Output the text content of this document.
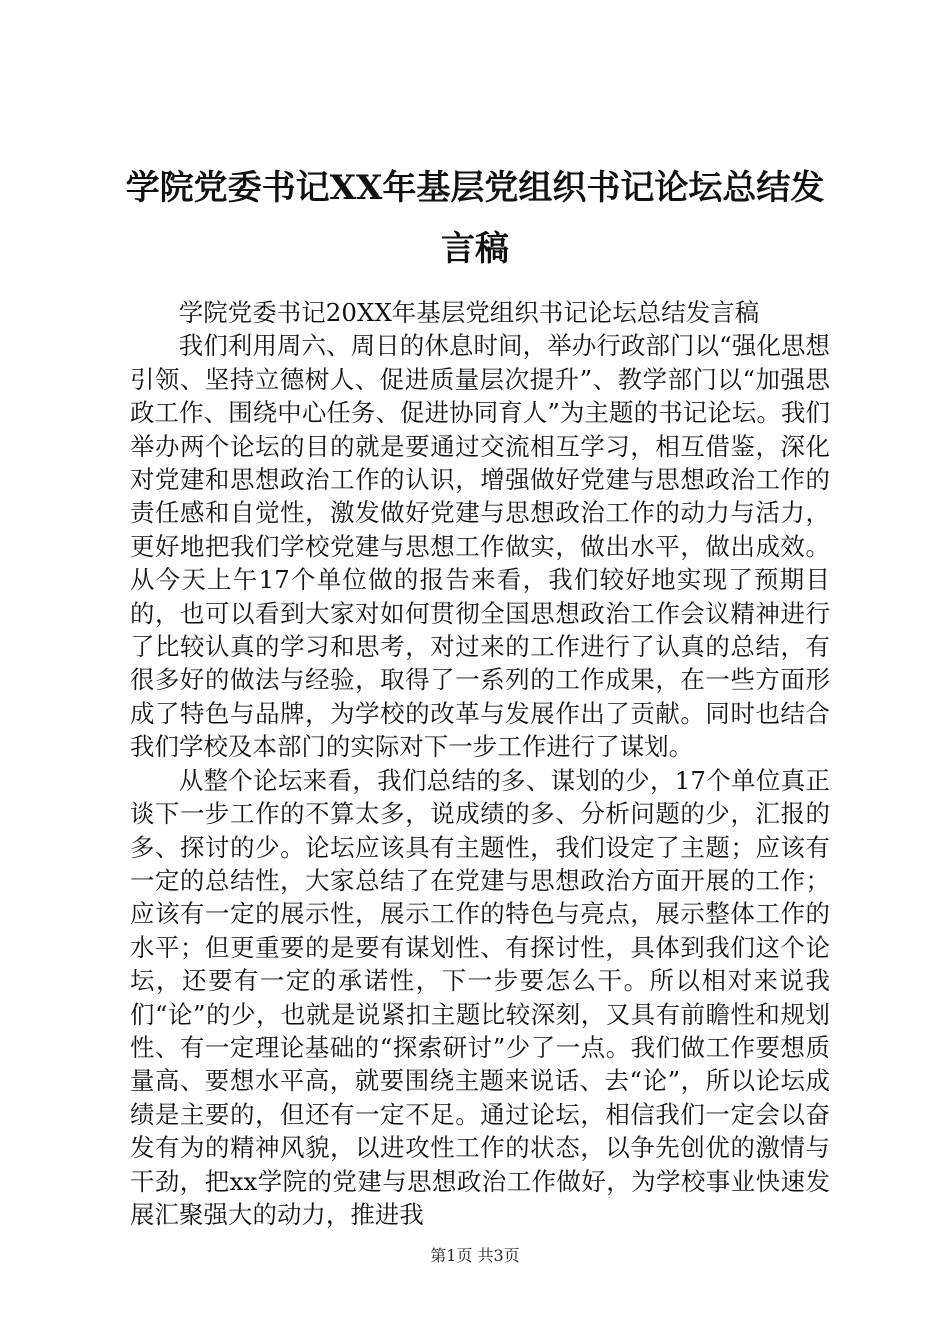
学院党委书记XX年基层党组织书记论坛总结发言稿

学院党委书记20XX年基层党组织书记论坛总结发言稿

我们利用周六、周日的休息时间，举办行政部门以“强化思想引领、坚持立德树人、促进质量层次提升”、教学部门以“加强思政工作、围绕中心任务、促进协同育人”为主题的书记论坛。我们举办两个论坛的目的就是要通过交流相互学习，相互借鉴，深化对党建和思想政治工作的认识，增强做好党建与思想政治工作的责任感和自觉性，激发做好党建与思想政治工作的动力与活力，更好地把我们学校党建与思想工作做实，做出水平，做出成效。从今天上午17个单位做的报告来看，我们较好地实现了预期目的，也可以看到大家对如何贯彻全国思想政治工作会议精神进行了比较认真的学习和思考，对过来的工作进行了认真的总结，有很多好的做法与经验，取得了一系列的工作成果，在一些方面形成了特色与品牌，为学校的改革与发展作出了贡献。同时也结合我们学校及本部门的实际对下一步工作进行了谋划。

从整个论坛来看，我们总结的多、谋划的少，17个单位真正谈下一步工作的不算太多，说成绩的多、分析问题的少，汇报的多、探讨的少。论坛应该具有主题性，我们设定了主题；应该有一定的总结性，大家总结了在党建与思想政治方面开展的工作；应该有一定的展示性，展示工作的特色与亮点，展示整体工作的水平；但更重要的是要有谋划性、有探讨性，具体到我们这个论坛，还要有一定的承诺性，下一步要怎么干。所以相对来说我们“论”的少，也就是说紧扣主题比较深刻，又具有前瞻性和规划性、有一定理论基础的“探索研讨”少了一点。我们做工作要想质量高、要想水平高，就要围绕主题来说话、去“论”，所以论坛成绩是主要的，但还有一定不足。通过论坛，相信我们一定会以奋发有为的精神风貌，以进攻性工作的状态，以争先创优的激情与干劲，把xx学院的党建与思想政治工作做好，为学校事业快速发展汇聚强大的动力，推进我

第1页 共3页
